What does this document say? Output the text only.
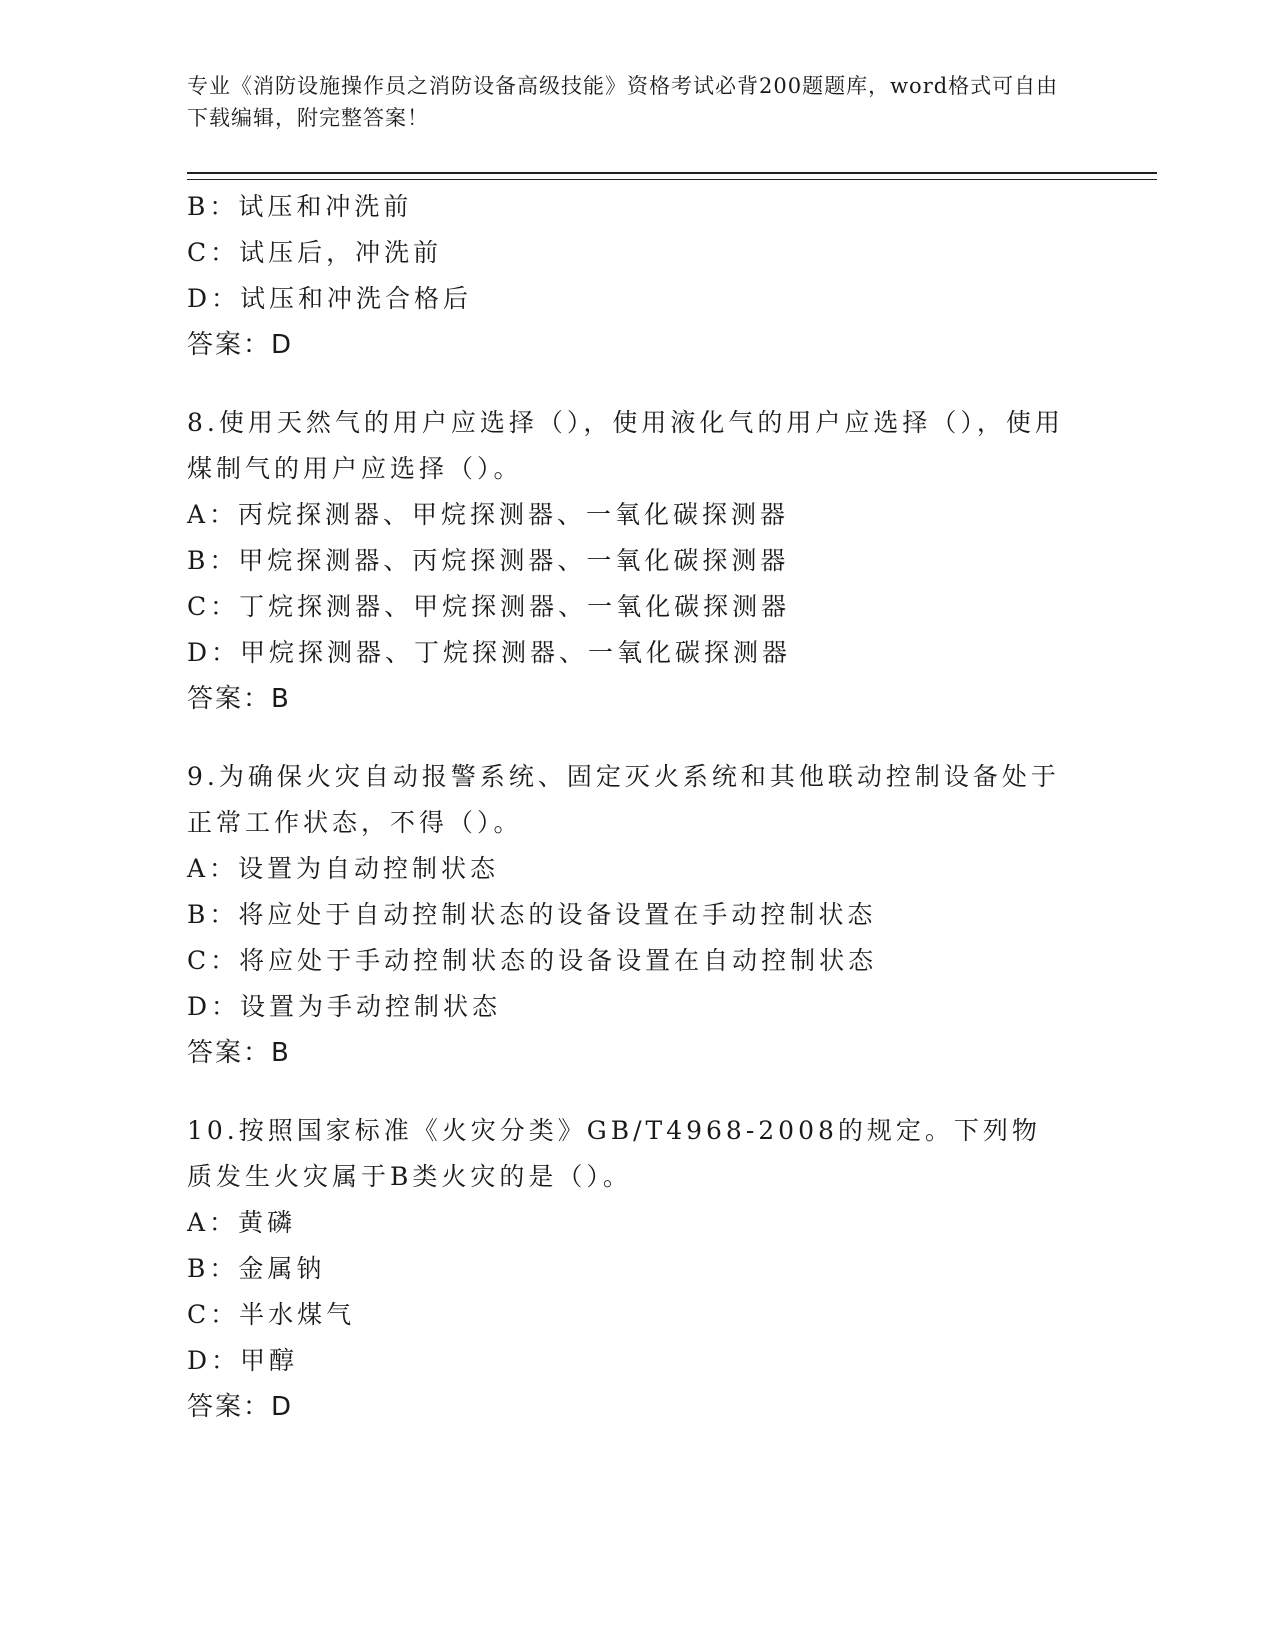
专业《消防设施操作员之消防设备高级技能》资格考试必背200题题库，word格式可自由下载编辑，附完整答案！

B：试压和冲洗前
C：试压后，冲洗前
D：试压和冲洗合格后
答案：D
8.使用天然气的用户应选择（），使用液化气的用户应选择（），使用煤制气的用户应选择（）。
A：丙烷探测器、甲烷探测器、一氧化碳探测器
B：甲烷探测器、丙烷探测器、一氧化碳探测器
C：丁烷探测器、甲烷探测器、一氧化碳探测器
D：甲烷探测器、丁烷探测器、一氧化碳探测器
答案：B
9.为确保火灾自动报警系统、固定灭火系统和其他联动控制设备处于正常工作状态，不得（）。
A：设置为自动控制状态
B：将应处于自动控制状态的设备设置在手动控制状态
C：将应处于手动控制状态的设备设置在自动控制状态
D：设置为手动控制状态
答案：B
10.按照国家标准《火灾分类》GB/T4968-2008的规定。下列物质发生火灾属于B类火灾的是（）。
A：黄磷
B：金属钠
C：半水煤气
D：甲醇
答案：D
